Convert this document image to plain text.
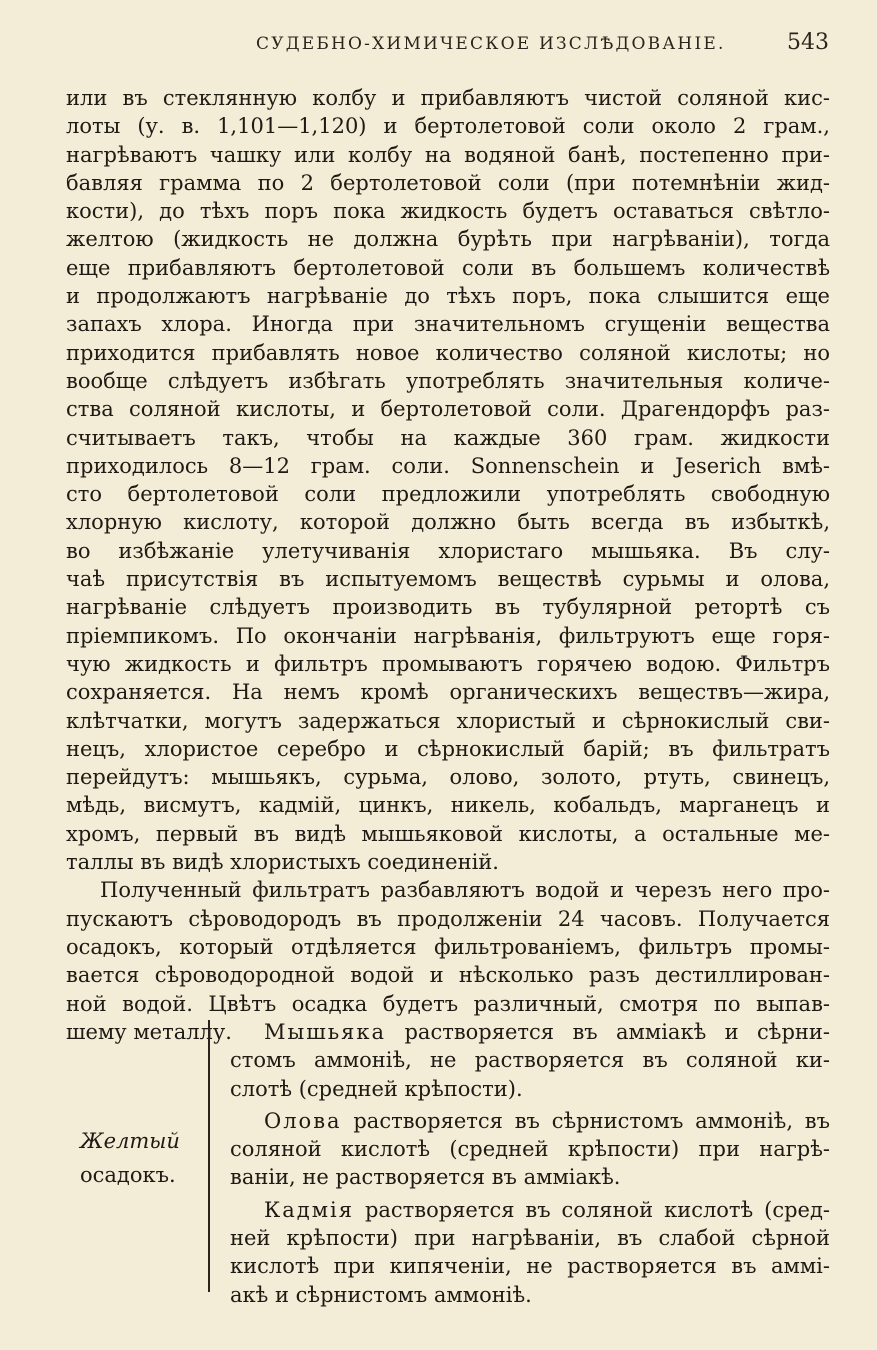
СУДЕБНО-ХИМИЧЕСКОЕ ИЗСЛѢДОВАНІЕ.	543
или въ стеклянную колбу и прибавляютъ чистой соляной кис-
лоты (у. в. 1,101—1,120) и бертолетовой соли около 2 грам.,
нагрѣваютъ чашку или колбу на водяной банѣ, постепенно при-
бавляя грамма по 2 бертолетовой соли (при потемнѣніи жид-
кости), до тѣхъ поръ пока жидкость будетъ оставаться свѣтло-
желтою (жидкость не должна бурѣть при нагрѣваніи), тогда
еще прибавляютъ бертолетовой соли въ большемъ количествѣ
и продолжаютъ нагрѣваніе до тѣхъ поръ, пока слышится еще
запахъ хлора. Иногда при значительномъ сгущеніи вещества
приходится прибавлять новое количество соляной кислоты; но
вообще слѣдуетъ избѣгать употреблять значительныя количе-
ства соляной кислоты, и бертолетовой соли. Драгендорфъ раз-
считываетъ такъ, чтобы на каждые 360 грам. жидкости
приходилось 8—12 грам. соли. Sonnenschein и Jeserich вмѣ-
сто бертолетовой соли предложили употреблять свободную
хлорную кислоту, которой должно быть всегда въ избыткѣ,
во избѣжаніе улетучиванія хлористаго мышьяка. Въ слу-
чаѣ присутствія въ испытуемомъ веществѣ сурьмы и олова,
нагрѣваніе слѣдуетъ производить въ тубулярной ретортѣ съ
пріемпикомъ. По окончаніи нагрѣванія, фильтруютъ еще горя-
чую жидкость и фильтръ промываютъ горячею водою. Фильтръ
сохраняется. На немъ кромѣ органическихъ веществъ—жира,
клѣтчатки, могутъ задержаться хлористый и сѣрнокислый сви-
нецъ, хлористое серебро и сѣрнокислый барій; въ фильтратъ
перейдутъ: мышьякъ, сурьма, олово, золото, ртуть, свинецъ,
мѣдь, висмутъ, кадмій, цинкъ, никель, кобальдъ, марганецъ и
хромъ, первый въ видѣ мышьяковой кислоты, а остальные ме-
таллы въ видѣ хлористыхъ соединеній.
Полученный фильтратъ разбавляютъ водой и черезъ него про-
пускаютъ сѣроводородъ въ продолженіи 24 часовъ. Получается
осадокъ, который отдѣляется фильтрованіемъ, фильтръ промы-
вается сѣроводородной водой и нѣсколько разъ дестиллирован-
ной водой. Цвѣтъ осадка будетъ различный, смотря по выпав-
шему металлу.
Желтый
осадокъ.
Мышьяка растворяется въ амміакѣ и сѣрни-
стомъ аммоніѣ, не растворяется въ соляной ки-
слотѣ (средней крѣпости).
Олова растворяется въ сѣрнистомъ аммоніѣ, въ
соляной кислотѣ (средней крѣпости) при нагрѣ-
ваніи, не растворяется въ амміакѣ.
Кадмія растворяется въ соляной кислотѣ (сред-
ней крѣпости) при нагрѣваніи, въ слабой сѣрной
кислотѣ при кипяченіи, не растворяется въ аммі-
акѣ и сѣрнистомъ аммоніѣ.
